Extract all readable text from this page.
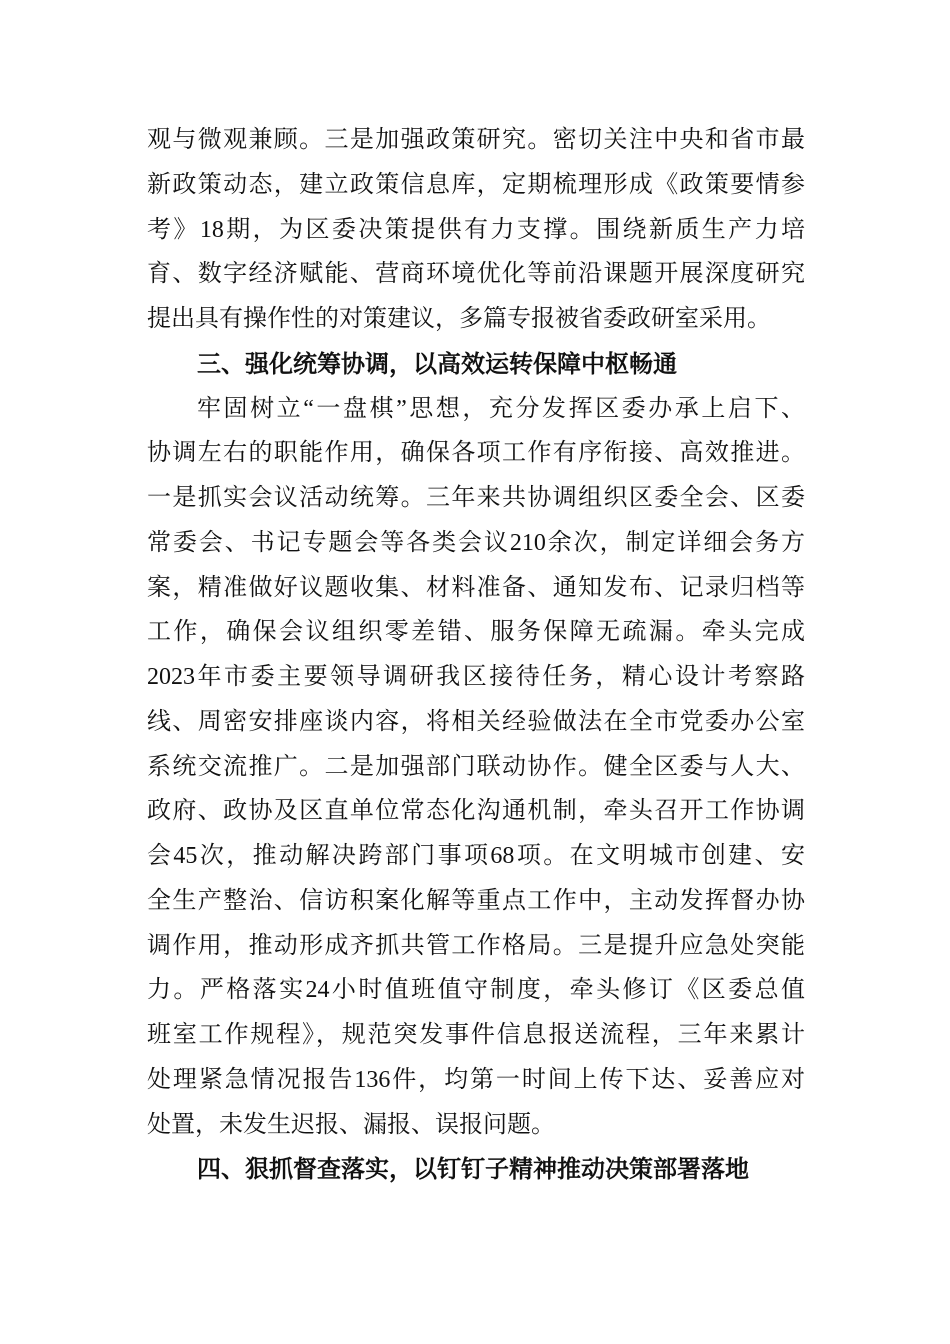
观与微观兼顾。三是加强政策研究。密切关注中央和省市最
新政策动态，建立政策信息库，定期梳理形成《政策要情参
考》18期，为区委决策提供有力支撑。围绕新质生产力培
育、数字经济赋能、营商环境优化等前沿课题开展深度研究
提出具有操作性的对策建议，多篇专报被省委政研室采用。
三、强化统筹协调，以高效运转保障中枢畅通
牢固树立“一盘棋”思想，充分发挥区委办承上启下、
协调左右的职能作用，确保各项工作有序衔接、高效推进。
一是抓实会议活动统筹。三年来共协调组织区委全会、区委
常委会、书记专题会等各类会议210余次，制定详细会务方
案，精准做好议题收集、材料准备、通知发布、记录归档等
工作，确保会议组织零差错、服务保障无疏漏。牵头完成
2023年市委主要领导调研我区接待任务，精心设计考察路
线、周密安排座谈内容，将相关经验做法在全市党委办公室
系统交流推广。二是加强部门联动协作。健全区委与人大、
政府、政协及区直单位常态化沟通机制，牵头召开工作协调
会45次，推动解决跨部门事项68项。在文明城市创建、安
全生产整治、信访积案化解等重点工作中，主动发挥督办协
调作用，推动形成齐抓共管工作格局。三是提升应急处突能
力。严格落实24小时值班值守制度，牵头修订《区委总值
班室工作规程》，规范突发事件信息报送流程，三年来累计
处理紧急情况报告136件，均第一时间上传下达、妥善应对
处置，未发生迟报、漏报、误报问题。
四、狠抓督查落实，以钉钉子精神推动决策部署落地
